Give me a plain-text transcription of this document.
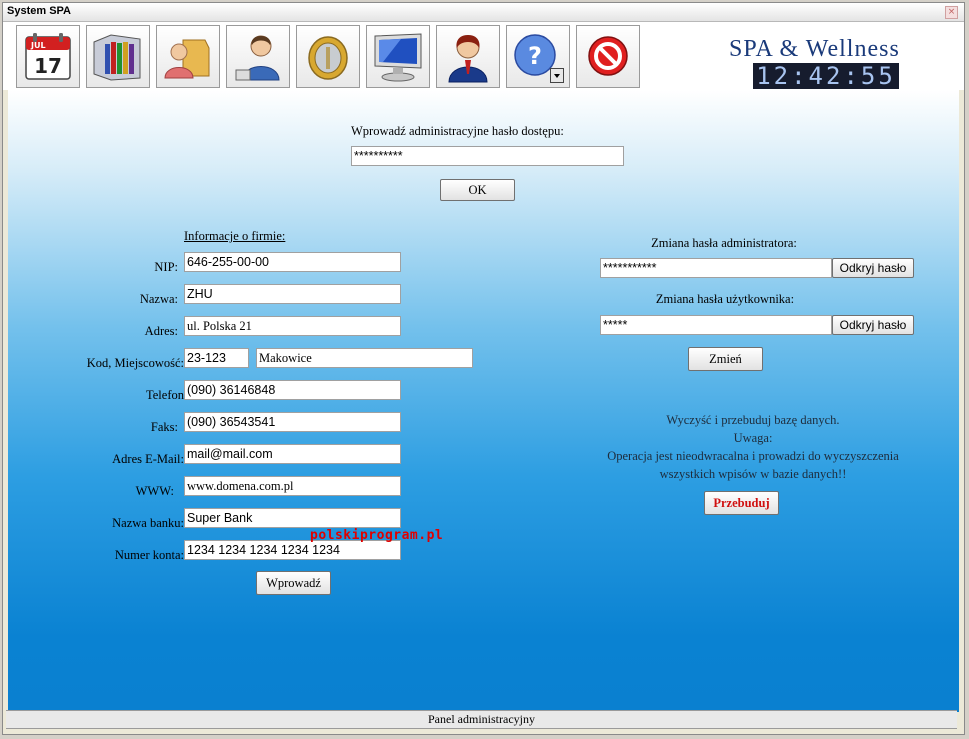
System SPA	×
JUL
17	?	SPA & Wellness
12:42:55
Wprowadź administracyjne hasło dostępu:
**********
OK
Informacje o firmie:
NIP: 646-255-00-00
Nazwa: ZHU
Adres: ul. Polska 21
Kod, Miejscowość: 23-123	Makowice
Telefon (090) 36146848
Faks: (090) 36543541
Adres E-Mail: mail@mail.com
WWW: www.domena.com.pl
Nazwa banku: Super Bank
Numer konta: 1234 1234 1234 1234 1234
Wprowadź
Zmiana hasła administratora:
***********	Odkryj hasło
Zmiana hasła użytkownika:
*****	Odkryj hasło
Zmień
Wyczyść i przebuduj bazę danych.
Uwaga:
Operacja jest nieodwracalna i prowadzi do wyczyszczenia
wszystkich wpisów w bazie danych!!
Przebuduj
polskiprogram.pl
Panel administracyjny
